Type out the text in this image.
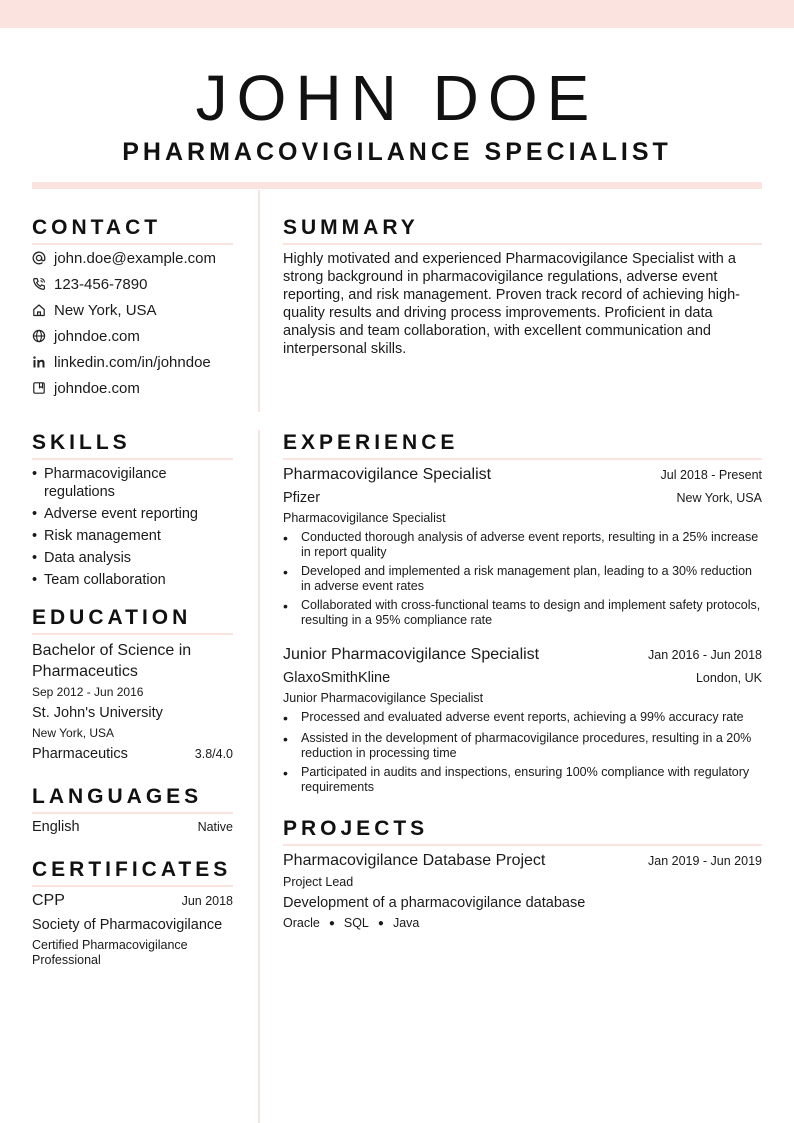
JOHN DOE
PHARMACOVIGILANCE SPECIALIST
CONTACT
john.doe@example.com
123-456-7890
New York, USA
johndoe.com
linkedin.com/in/johndoe
johndoe.com
SUMMARY
Highly motivated and experienced Pharmacovigilance Specialist with a strong background in pharmacovigilance regulations, adverse event reporting, and risk management. Proven track record of achieving high-quality results and driving process improvements. Proficient in data analysis and team collaboration, with excellent communication and interpersonal skills.
SKILLS
• Pharmacovigilance regulations
• Adverse event reporting
• Risk management
• Data analysis
• Team collaboration
EDUCATION
Bachelor of Science in Pharmaceutics
Sep 2012 - Jun 2016
St. John's University
New York, USA
Pharmaceutics	3.8/4.0
LANGUAGES
English	Native
CERTIFICATES
CPP	Jun 2018
Society of Pharmacovigilance
Certified Pharmacovigilance Professional
EXPERIENCE
Pharmacovigilance Specialist	Jul 2018 - Present
Pfizer	New York, USA
Pharmacovigilance Specialist
•	Conducted thorough analysis of adverse event reports, resulting in a 25% increase in report quality
•	Developed and implemented a risk management plan, leading to a 30% reduction in adverse event rates
•	Collaborated with cross-functional teams to design and implement safety protocols, resulting in a 95% compliance rate
Junior Pharmacovigilance Specialist	Jan 2016 - Jun 2018
GlaxoSmithKline	London, UK
Junior Pharmacovigilance Specialist
•	Processed and evaluated adverse event reports, achieving a 99% accuracy rate
•	Assisted in the development of pharmacovigilance procedures, resulting in a 20% reduction in processing time
•	Participated in audits and inspections, ensuring 100% compliance with regulatory requirements
PROJECTS
Pharmacovigilance Database Project	Jan 2019 - Jun 2019
Project Lead
Development of a pharmacovigilance database
Oracle ● SQL ● Java
